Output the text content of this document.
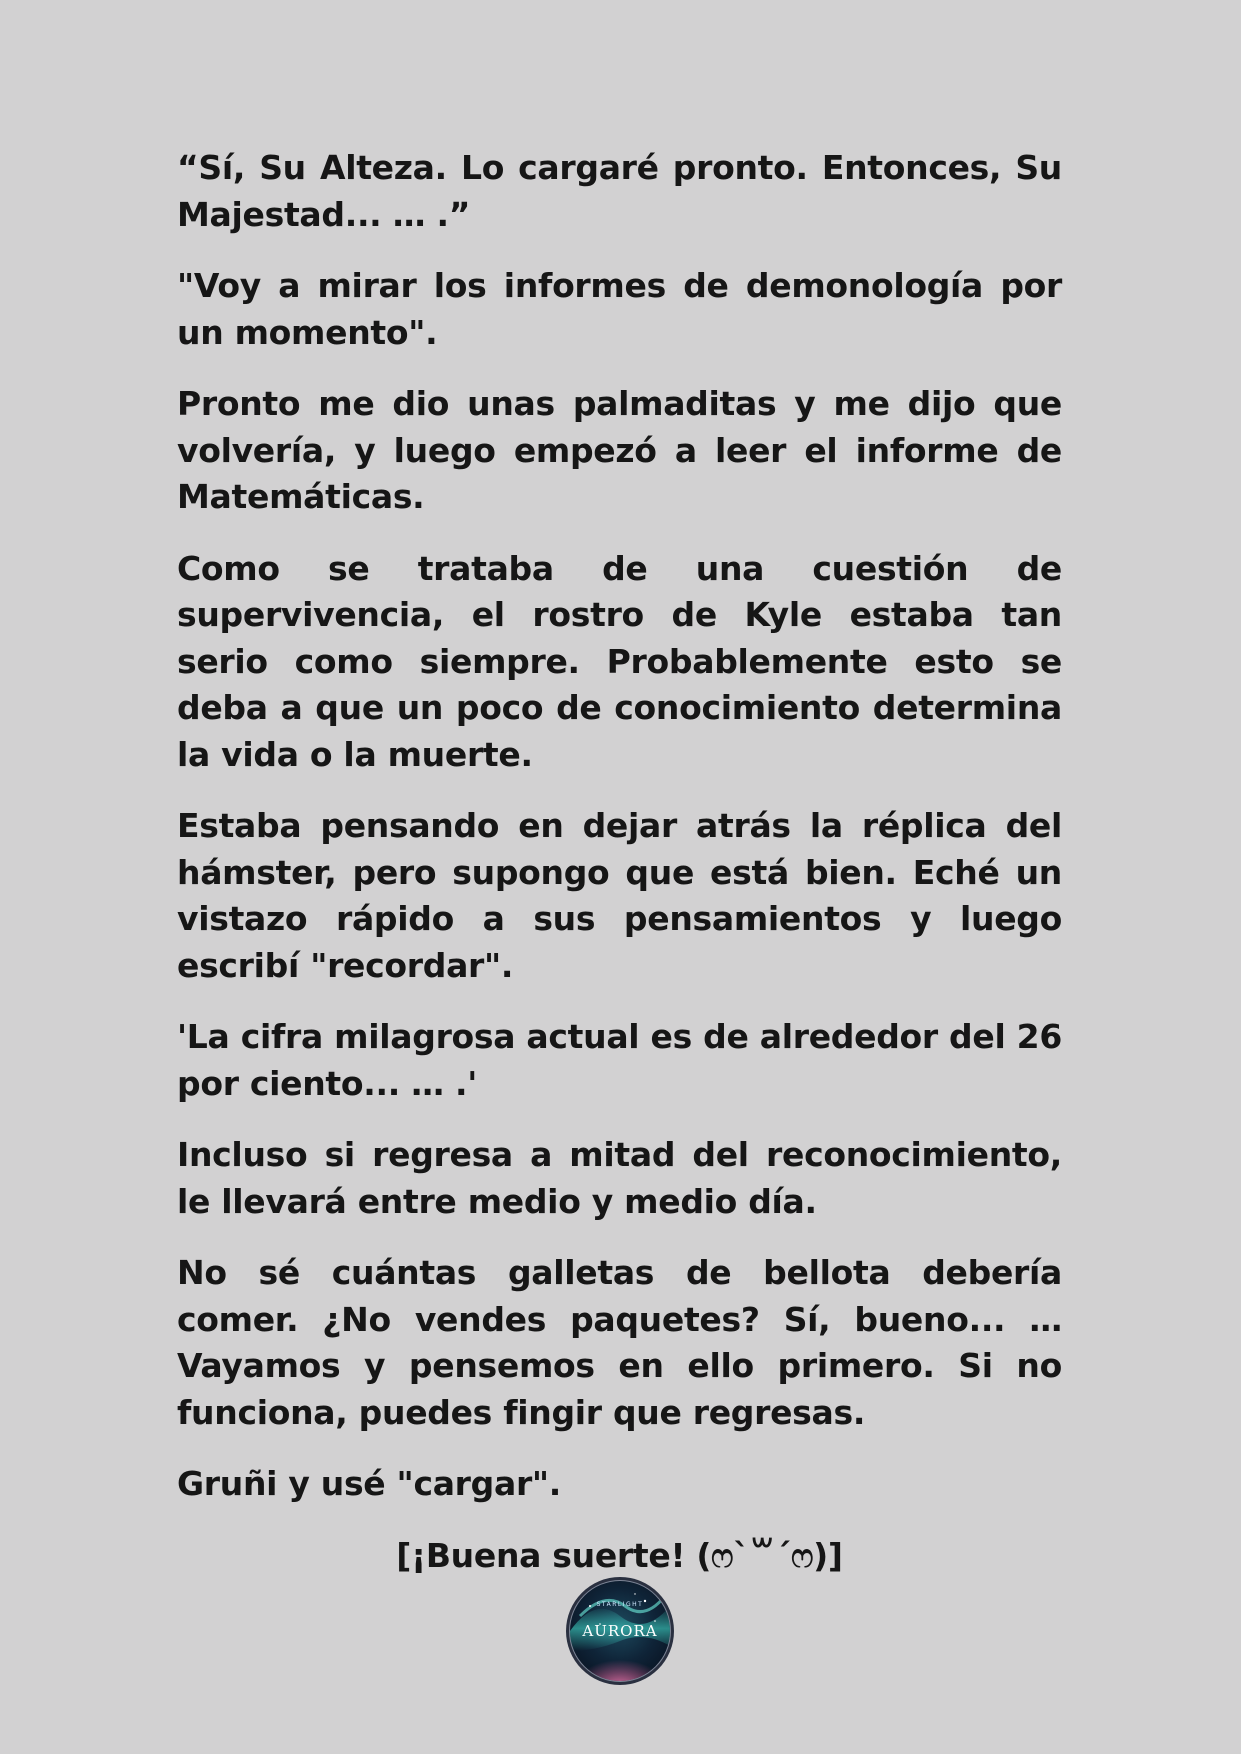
“Sí, Su Alteza. Lo cargaré pronto. Entonces, Su Majestad... … .”

"Voy a mirar los informes de demonología por un momento".

Pronto me dio unas palmaditas y me dijo que volvería, y luego empezó a leer el informe de Matemáticas.

Como se trataba de una cuestión de supervivencia, el rostro de Kyle estaba tan serio como siempre. Probablemente esto se deba a que un poco de conocimiento determina la vida o la muerte.

Estaba pensando en dejar atrás la réplica del hámster, pero supongo que está bien. Eché un vistazo rápido a sus pensamientos y luego escribí "recordar".

'La cifra milagrosa actual es de alrededor del 26 por ciento... … .'

Incluso si regresa a mitad del reconocimiento, le llevará entre medio y medio día.

No sé cuántas galletas de bellota debería comer. ¿No vendes paquetes? Sí, bueno... … Vayamos y pensemos en ello primero. Si no funciona, puedes fingir que regresas.

Gruñi y usé "cargar".

[¡Buena suerte! (ෆ`꒳´ෆ)]
STARLIGHT
AURORA
